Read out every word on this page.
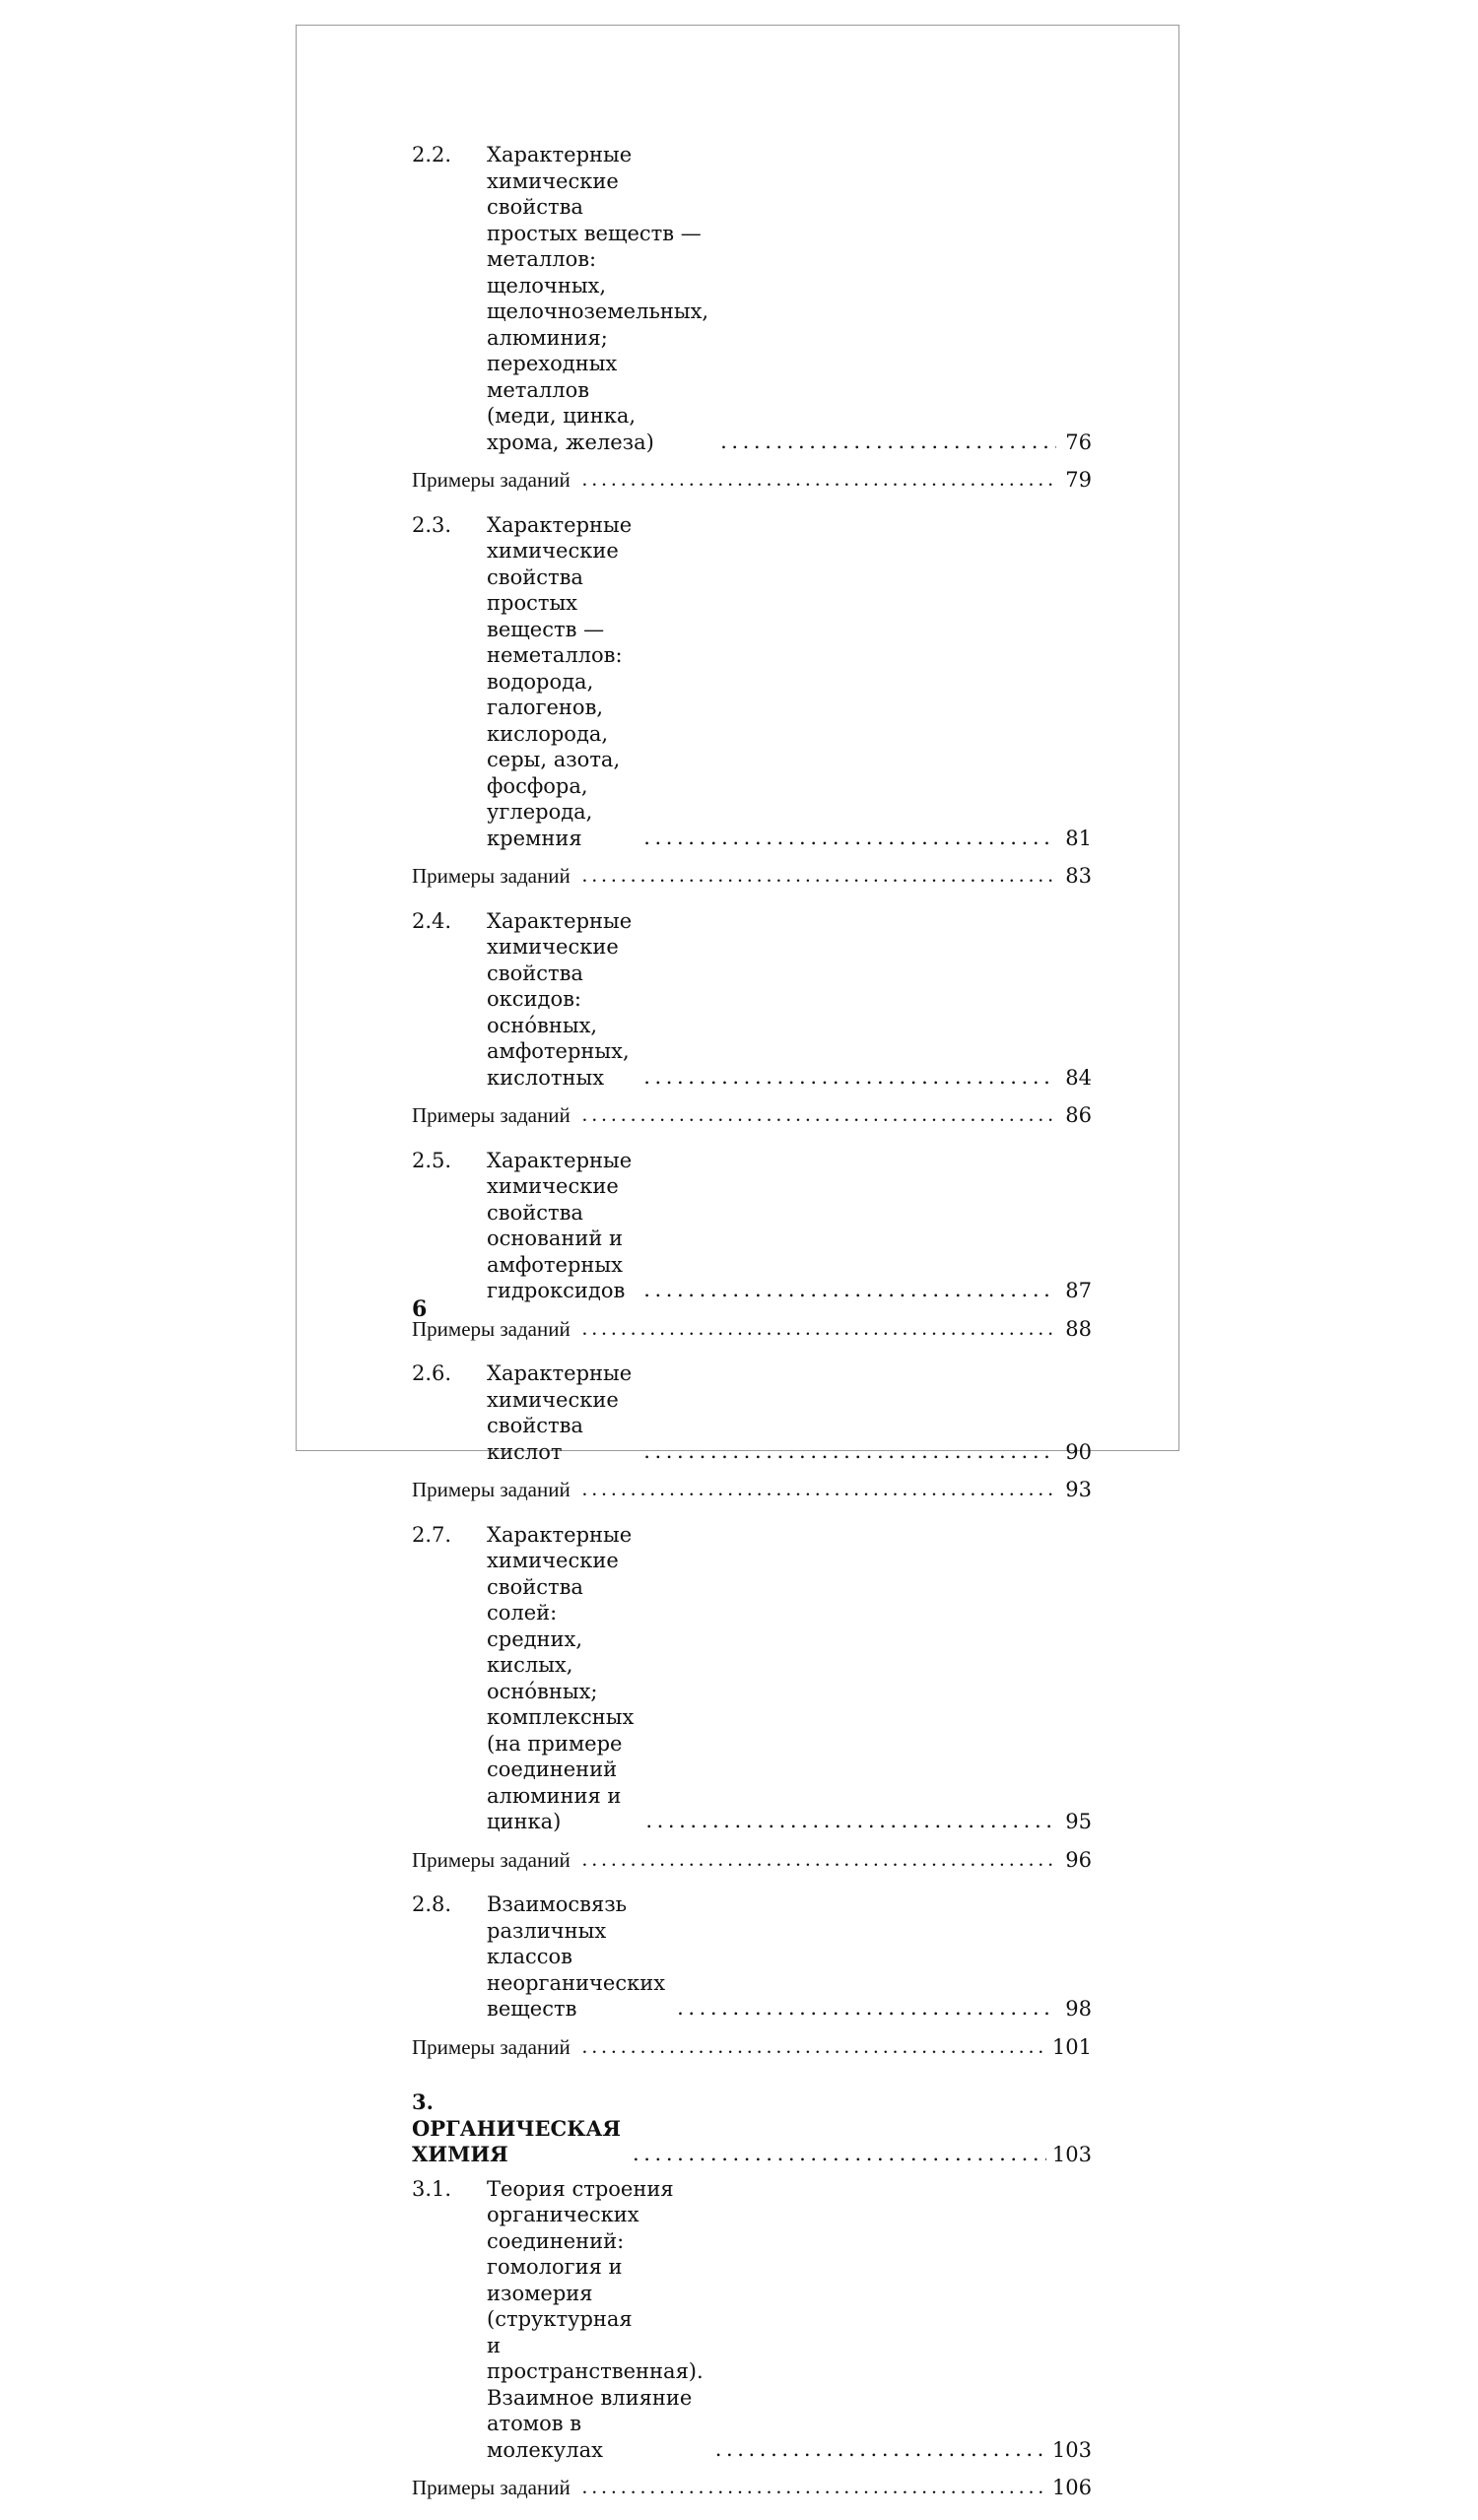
2.2.	Характерные химические свойства
простых веществ — металлов:
щелочных, щелочноземельных, алюминия;
переходных металлов
(меди, цинка, хрома, железа) .....	76
Примеры заданий .....	79
2.3.	Характерные химические свойства простых
веществ — неметаллов: водорода,
галогенов, кислорода, серы, азота,
фосфора, углерода, кремния .....	81
Примеры заданий .....	83
2.4.	Характерные химические свойства оксидов:
осно́вных, амфотерных, кислотных .....	84
Примеры заданий .....	86
2.5.	Характерные химические свойства
оснований и амфотерных гидроксидов .....	87
Примеры заданий .....	88
2.6.	Характерные химические свойства кислот .....	90
Примеры заданий .....	93
2.7.	Характерные химические свойства солей:
средних, кислых, осно́вных;
комплексных (на примере
соединений алюминия и цинка) .....	95
Примеры заданий .....	96
2.8.	Взаимосвязь различных классов
неорганических веществ .....	98
Примеры заданий .....	101
3. ОРГАНИЧЕСКАЯ ХИМИЯ .....	103
3.1.	Теория строения органических соединений:
гомология и изомерия (структурная
и пространственная).
Взаимное влияние атомов в молекулах .....	103
Примеры заданий .....	106
6
